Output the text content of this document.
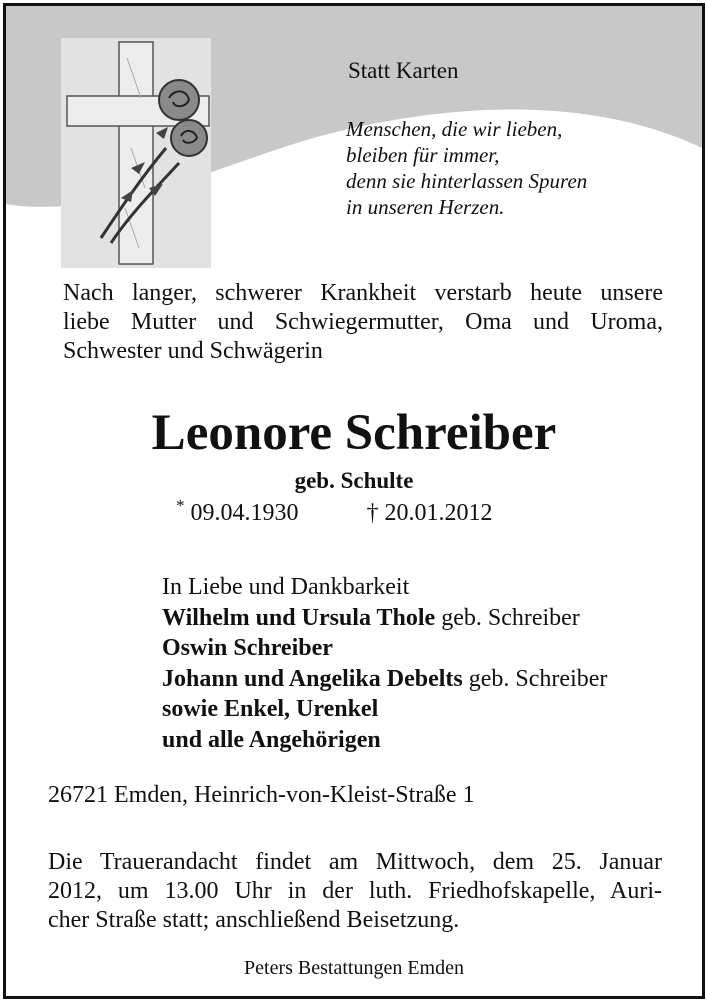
Statt Karten
Menschen, die wir lieben,
bleiben für immer,
denn sie hinterlassen Spuren
in unseren Herzen.
Nach langer, schwerer Krankheit verstarb heute unsere
liebe Mutter und Schwiegermutter, Oma und Uroma,
Schwester und Schwägerin
Leonore Schreiber
geb. Schulte
* 09.04.1930	† 20.01.2012
In Liebe und Dankbarkeit
Wilhelm und Ursula Thole geb. Schreiber
Oswin Schreiber
Johann und Angelika Debelts geb. Schreiber
sowie Enkel, Urenkel
und alle Angehörigen
26721 Emden, Heinrich-von-Kleist-Straße 1
Die Trauerandacht findet am Mittwoch, dem 25. Januar
2012, um 13.00 Uhr in der luth. Friedhofskapelle, Auri-
cher Straße statt; anschließend Beisetzung.
Peters Bestattungen Emden
